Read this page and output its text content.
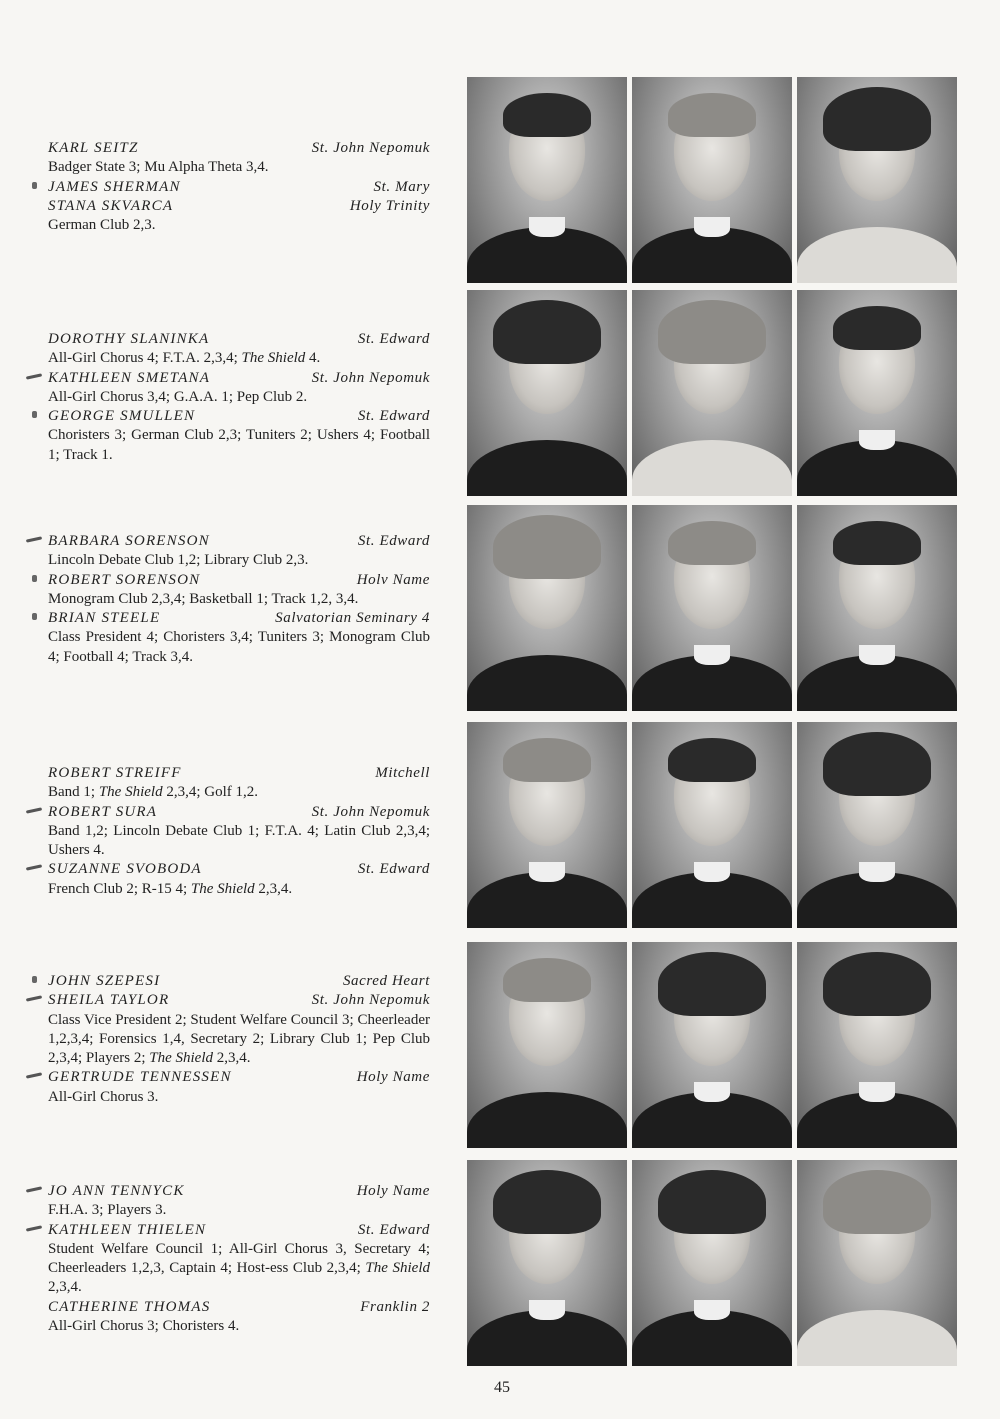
KARL SEITZ	St. John Nepomuk
Badger State 3; Mu Alpha Theta 3,4.
JAMES SHERMAN	St. Mary
STANA SKVARCA	Holy Trinity
German Club 2,3.
DOROTHY SLANINKA	St. Edward
All-Girl Chorus 4; F.T.A. 2,3,4; The Shield 4.
KATHLEEN SMETANA	St. John Nepomuk
All-Girl Chorus 3,4; G.A.A. 1; Pep Club 2.
GEORGE SMULLEN	St. Edward
Choristers 3; German Club 2,3; Tuniters 2; Ushers 4; Football 1; Track 1.
BARBARA SORENSON	St. Edward
Lincoln Debate Club 1,2; Library Club 2,3.
ROBERT SORENSON	Holv Name
Monogram Club 2,3,4; Basketball 1; Track 1,2, 3,4.
BRIAN STEELE	Salvatorian Seminary 4
Class President 4; Choristers 3,4; Tuniters 3; Monogram Club 4; Football 4; Track 3,4.
ROBERT STREIFF	Mitchell
Band 1; The Shield 2,3,4; Golf 1,2.
ROBERT SURA	St. John Nepomuk
Band 1,2; Lincoln Debate Club 1; F.T.A. 4; Latin Club 2,3,4; Ushers 4.
SUZANNE SVOBODA	St. Edward
French Club 2; R-15 4; The Shield 2,3,4.
JOHN SZEPESI	Sacred Heart
SHEILA TAYLOR	St. John Nepomuk
Class Vice President 2; Student Welfare Council 3; Cheerleader 1,2,3,4; Forensics 1,4, Secretary 2; Library Club 1; Pep Club 2,3,4; Players 2; The Shield 2,3,4.
GERTRUDE TENNESSEN	Holy Name
All-Girl Chorus 3.
JO ANN TENNYCK	Holy Name
F.H.A. 3; Players 3.
KATHLEEN THIELEN	St. Edward
Student Welfare Council 1; All-Girl Chorus 3, Secretary 4; Cheerleaders 1,2,3, Captain 4; Host-ess Club 2,3,4; The Shield 2,3,4.
CATHERINE THOMAS	Franklin 2
All-Girl Chorus 3; Choristers 4.
45
